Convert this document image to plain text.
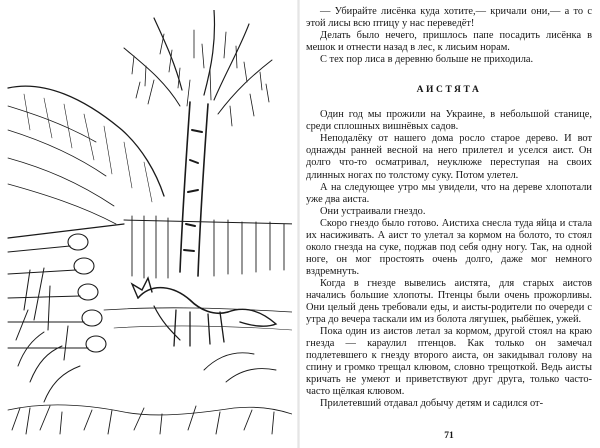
— Убирайте лисёнка куда хотите,— кричали они,— а то с этой лисы всю птицу у нас переведёт!

Делать было нечего, пришлось папе посадить лисёнка в мешок и отнести назад в лес, к лисьим норам.

С тех пор лиса в деревню больше не приходила.

АИСТЯТА

Один год мы прожили на Украине, в небольшой станице, среди сплошных вишнёвых садов.

Неподалёку от нашего дома росло старое дерево. И вот однажды ранней весной на него прилетел и уселся аист. Он долго что-то осматривал, неуклюже переступая на своих длинных ногах по толстому суку. Потом улетел.

А на следующее утро мы увидели, что на дереве хлопотали уже два аиста.

Они устраивали гнездо.

Скоро гнездо было готово. Аистиха снесла туда яйца и стала их насиживать. А аист то улетал за кормом на болото, то стоял около гнезда на суке, поджав под себя одну ногу. Так, на одной ноге, он мог простоять очень долго, даже мог немного вздремнуть.

Когда в гнезде вывелись аистята, для старых аистов начались большие хлопоты. Птенцы были очень прожорливы. Они целый день требовали еды, и аисты-родители по очереди с утра до вечера таскали им из болота лягушек, рыбёшек, ужей.

Пока один из аистов летал за кормом, другой стоял на краю гнезда — караулил птенцов. Как только он замечал подлетевшего к гнезду второго аиста, он закидывал голову на спину и громко трещал клювом, словно трещоткой. Ведь аисты кричать не умеют и приветствуют друг друга, только часто-часто щёлкая клювом.

Прилетевший отдавал добычу детям и садился от-

71
